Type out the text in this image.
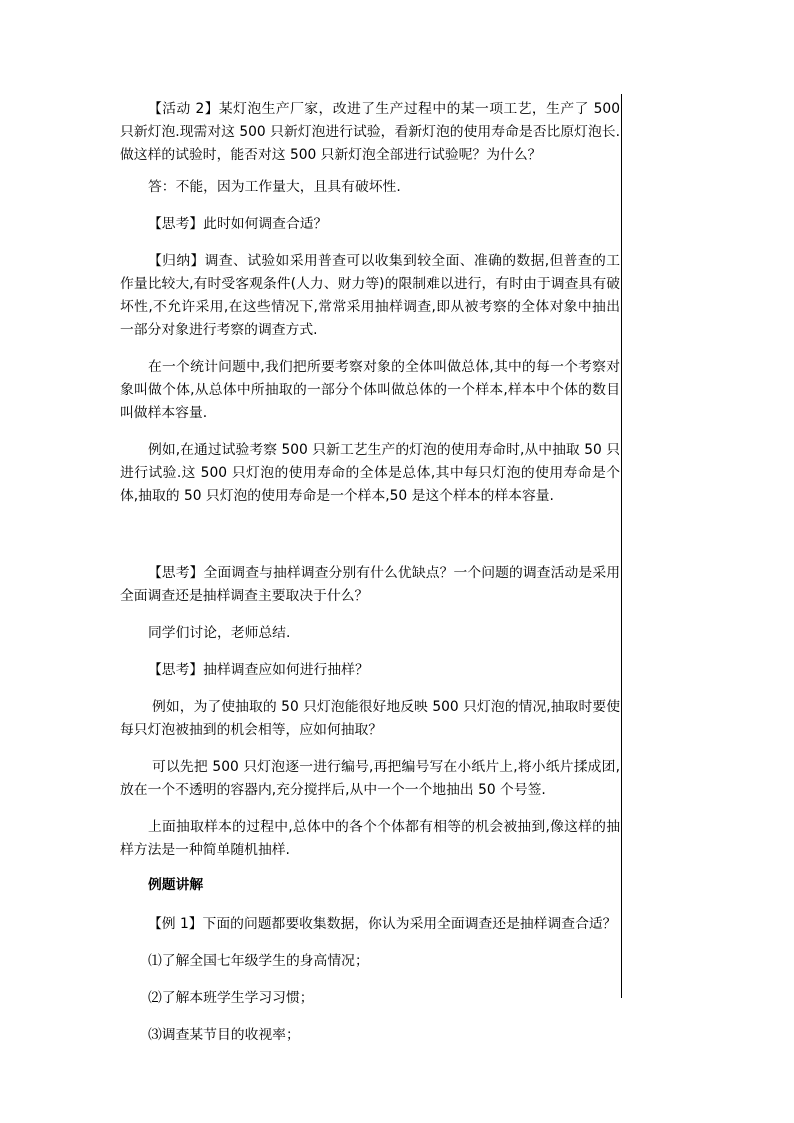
【活动 2】某灯泡生产厂家，改进了生产过程中的某一项工艺，生产了 500 只新灯泡.现需对这 500 只新灯泡进行试验，看新灯泡的使用寿命是否比原灯泡长.做这样的试验时，能否对这 500 只新灯泡全部进行试验呢？为什么？

答：不能，因为工作量大，且具有破坏性.

【思考】此时如何调查合适？

【归纳】调查、试验如采用普查可以收集到较全面、准确的数据,但普查的工作量比较大,有时受客观条件(人力、财力等)的限制难以进行，有时由于调查具有破坏性,不允许采用,在这些情况下,常常采用抽样调查,即从被考察的全体对象中抽出一部分对象进行考察的调查方式.

在一个统计问题中,我们把所要考察对象的全体叫做总体,其中的每一个考察对象叫做个体,从总体中所抽取的一部分个体叫做总体的一个样本,样本中个体的数目叫做样本容量.

例如,在通过试验考察 500 只新工艺生产的灯泡的使用寿命时,从中抽取 50 只进行试验.这 500 只灯泡的使用寿命的全体是总体,其中每只灯泡的使用寿命是个体,抽取的 50 只灯泡的使用寿命是一个样本,50 是这个样本的样本容量.

【思考】全面调查与抽样调查分别有什么优缺点？一个问题的调查活动是采用全面调查还是抽样调查主要取决于什么？

同学们讨论，老师总结.

【思考】抽样调查应如何进行抽样？

例如，为了使抽取的 50 只灯泡能很好地反映 500 只灯泡的情况,抽取时要使每只灯泡被抽到的机会相等，应如何抽取？

可以先把 500 只灯泡逐一进行编号,再把编号写在小纸片上,将小纸片揉成团,放在一个不透明的容器内,充分搅拌后,从中一个一个地抽出 50 个号签.

上面抽取样本的过程中,总体中的各个个体都有相等的机会被抽到,像这样的抽样方法是一种简单随机抽样.

例题讲解

【例 1】下面的问题都要收集数据，你认为采用全面调查还是抽样调查合适？

⑴了解全国七年级学生的身高情况；

⑵了解本班学生学习习惯；

⑶调查某节目的收视率；
